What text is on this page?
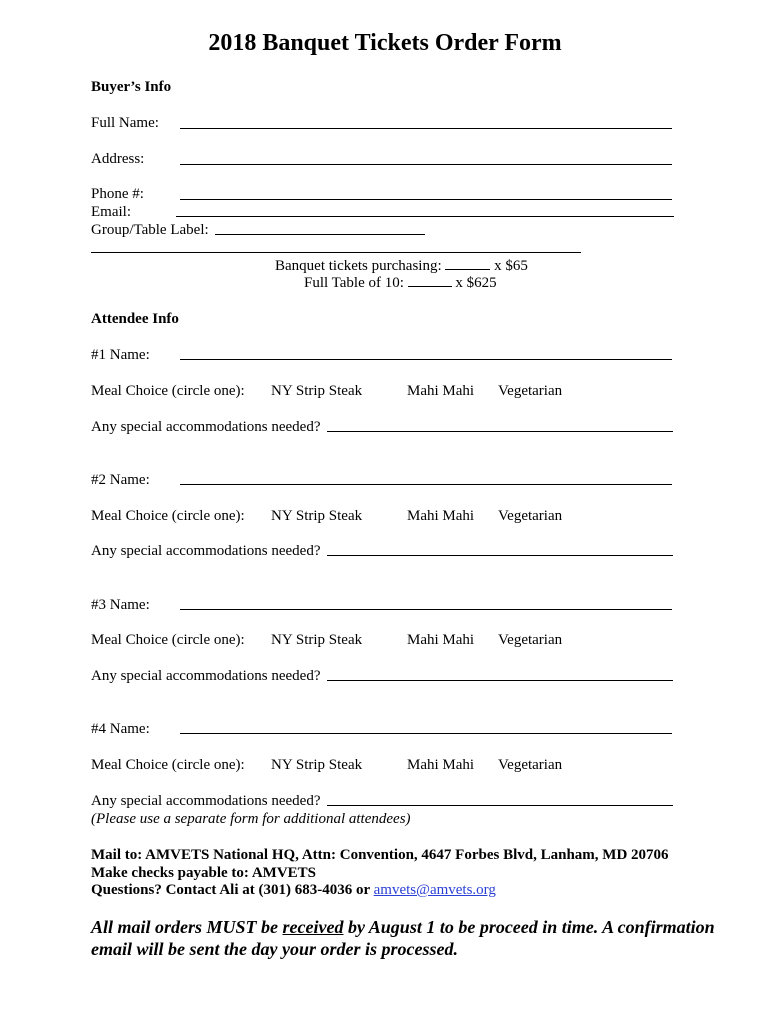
2018 Banquet Tickets Order Form
Buyer’s Info
Full Name:
Address:
Phone #:
Email:
Group/Table Label:
Banquet tickets purchasing:	x $65
Full Table of 10:	x $625
Attendee Info
#1 Name:
Meal Choice (circle one): NY Strip Steak	Mahi Mahi Vegetarian
Any special accommodations needed?
#2 Name:
Meal Choice (circle one): NY Strip Steak	Mahi Mahi Vegetarian
Any special accommodations needed?
#3 Name:
Meal Choice (circle one): NY Strip Steak	Mahi Mahi Vegetarian
Any special accommodations needed?
#4 Name:
Meal Choice (circle one): NY Strip Steak	Mahi Mahi Vegetarian
Any special accommodations needed?
(Please use a separate form for additional attendees)
Mail to: AMVETS National HQ, Attn: Convention, 4647 Forbes Blvd, Lanham, MD 20706
Make checks payable to: AMVETS
Questions? Contact Ali at (301) 683-4036 or amvets@amvets.org
All mail orders MUST be received by August 1 to be proceed in time. A confirmation
email will be sent the day your order is processed.
